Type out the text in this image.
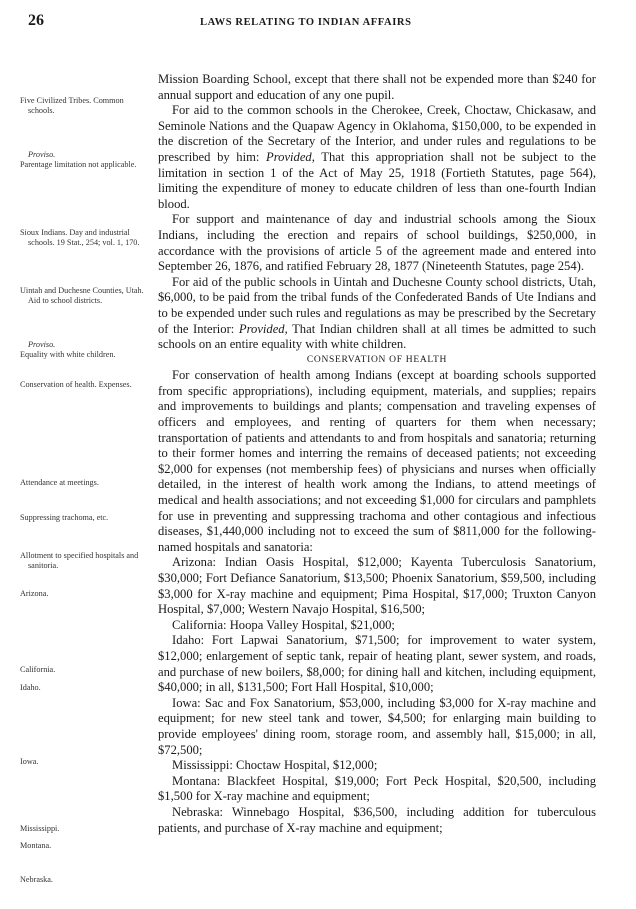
26	LAWS RELATING TO INDIAN AFFAIRS
Five Civilized Tribes. Common schools.
Proviso.
Parentage limitation not applicable.
Sioux Indians. Day and industrial schools. 19 Stat., 254; vol. 1, 170.
Uintah and Duchesne Counties, Utah. Aid to school districts.
Proviso.
Equality with white children.
Conservation of health. Expenses.
Attendance at meetings.
Suppressing trachoma, etc.
Allotment to specified hospitals and sanitoria.
Arizona.
California.
Idaho.
Iowa.
Mississippi.
Montana.
Nebraska.

Mission Boarding School, except that there shall not be expended more than $240 for annual support and education of any one pupil.

For aid to the common schools in the Cherokee, Creek, Choctaw, Chickasaw, and Seminole Nations and the Quapaw Agency in Oklahoma, $150,000, to be expended in the discretion of the Secretary of the Interior, and under rules and regulations to be prescribed by him: Provided, That this appropriation shall not be subject to the limitation in section 1 of the Act of May 25, 1918 (Fortieth Statutes, page 564), limiting the expenditure of money to educate children of less than one-fourth Indian blood.

For support and maintenance of day and industrial schools among the Sioux Indians, including the erection and repairs of school buildings, $250,000, in accordance with the provisions of article 5 of the agreement made and entered into September 26, 1876, and ratified February 28, 1877 (Nineteenth Statutes, page 254).

For aid of the public schools in Uintah and Duchesne County school districts, Utah, $6,000, to be paid from the tribal funds of the Confederated Bands of Ute Indians and to be expended under such rules and regulations as may be prescribed by the Secretary of the Interior: Provided, That Indian children shall at all times be admitted to such schools on an entire equality with white children.

CONSERVATION OF HEALTH

For conservation of health among Indians (except at boarding schools supported from specific appropriations), including equipment, materials, and supplies; repairs and improvements to buildings and plants; compensation and traveling expenses of officers and employees, and renting of quarters for them when necessary; transportation of patients and attendants to and from hospitals and sanatoria; returning to their former homes and interring the remains of deceased patients; not exceeding $2,000 for expenses (not membership fees) of physicians and nurses when officially detailed, in the interest of health work among the Indians, to attend meetings of medical and health associations; and not exceeding $1,000 for circulars and pamphlets for use in preventing and suppressing trachoma and other contagious and infectious diseases, $1,440,000 including not to exceed the sum of $811,000 for the following-named hospitals and sanatoria:

Arizona: Indian Oasis Hospital, $12,000; Kayenta Tuberculosis Sanatorium, $30,000; Fort Defiance Sanatorium, $13,500; Phoenix Sanatorium, $59,500, including $3,000 for X-ray machine and equipment; Pima Hospital, $17,000; Truxton Canyon Hospital, $7,000; Western Navajo Hospital, $16,500;

California: Hoopa Valley Hospital, $21,000;

Idaho: Fort Lapwai Sanatorium, $71,500; for improvement to water system, $12,000; enlargement of septic tank, repair of heating plant, sewer system, and roads, and purchase of new boilers, $8,000; for dining hall and kitchen, including equipment, $40,000; in all, $131,500; Fort Hall Hospital, $10,000;

Iowa: Sac and Fox Sanatorium, $53,000, including $3,000 for X-ray machine and equipment; for new steel tank and tower, $4,500; for enlarging main building to provide employees' dining room, storage room, and assembly hall, $15,000; in all, $72,500;

Mississippi: Choctaw Hospital, $12,000;

Montana: Blackfeet Hospital, $19,000; Fort Peck Hospital, $20,500, including $1,500 for X-ray machine and equipment;

Nebraska: Winnebago Hospital, $36,500, including addition for tuberculous patients, and purchase of X-ray machine and equipment;
